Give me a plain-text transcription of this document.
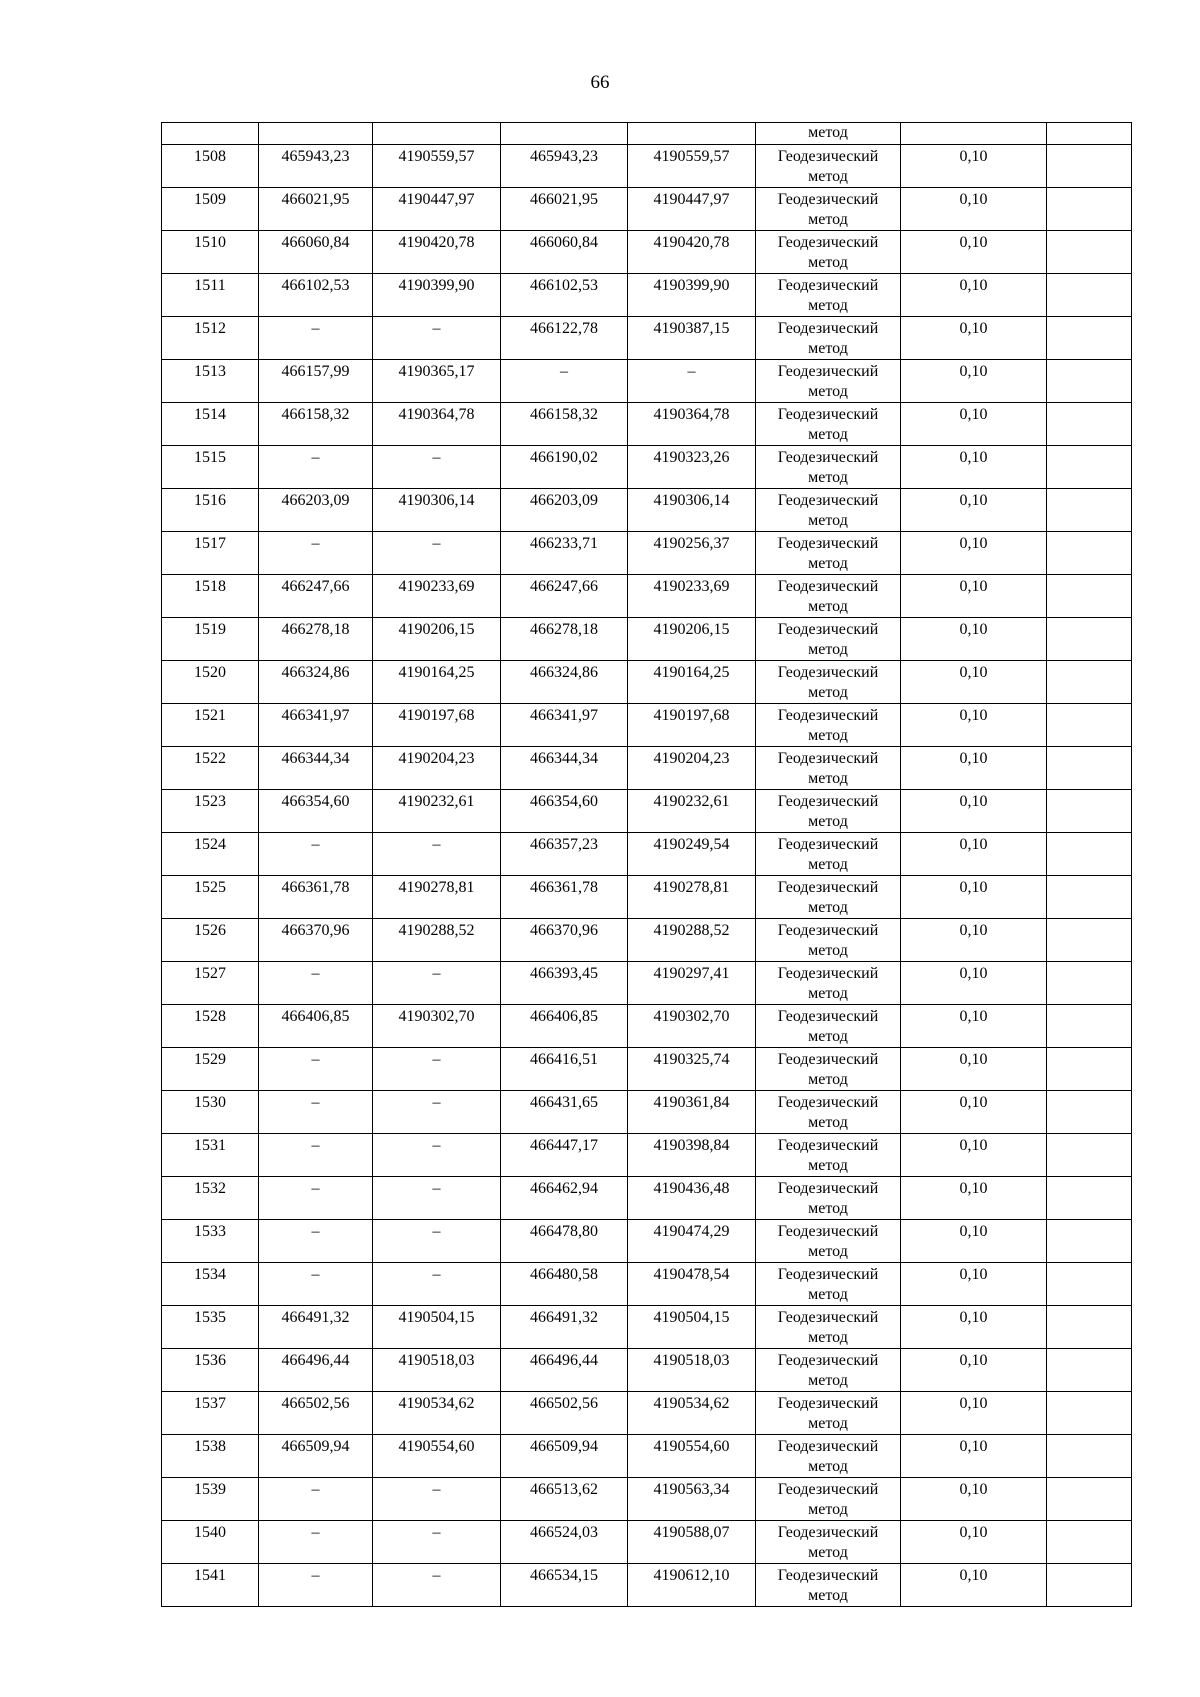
66
					метод		

1508	465943,23	4190559,57	465943,23	4190559,57	Геодезический
метод	0,10	

1509	466021,95	4190447,97	466021,95	4190447,97	Геодезический
метод	0,10	

1510	466060,84	4190420,78	466060,84	4190420,78	Геодезический
метод	0,10	

1511	466102,53	4190399,90	466102,53	4190399,90	Геодезический
метод	0,10	

1512	–	–	466122,78	4190387,15	Геодезический
метод	0,10	

1513	466157,99	4190365,17	–	–	Геодезический
метод	0,10	

1514	466158,32	4190364,78	466158,32	4190364,78	Геодезический
метод	0,10	

1515	–	–	466190,02	4190323,26	Геодезический
метод	0,10	

1516	466203,09	4190306,14	466203,09	4190306,14	Геодезический
метод	0,10	

1517	–	–	466233,71	4190256,37	Геодезический
метод	0,10	

1518	466247,66	4190233,69	466247,66	4190233,69	Геодезический
метод	0,10	

1519	466278,18	4190206,15	466278,18	4190206,15	Геодезический
метод	0,10	

1520	466324,86	4190164,25	466324,86	4190164,25	Геодезический
метод	0,10	

1521	466341,97	4190197,68	466341,97	4190197,68	Геодезический
метод	0,10	

1522	466344,34	4190204,23	466344,34	4190204,23	Геодезический
метод	0,10	

1523	466354,60	4190232,61	466354,60	4190232,61	Геодезический
метод	0,10	

1524	–	–	466357,23	4190249,54	Геодезический
метод	0,10	

1525	466361,78	4190278,81	466361,78	4190278,81	Геодезический
метод	0,10	

1526	466370,96	4190288,52	466370,96	4190288,52	Геодезический
метод	0,10	

1527	–	–	466393,45	4190297,41	Геодезический
метод	0,10	

1528	466406,85	4190302,70	466406,85	4190302,70	Геодезический
метод	0,10	

1529	–	–	466416,51	4190325,74	Геодезический
метод	0,10	

1530	–	–	466431,65	4190361,84	Геодезический
метод	0,10	

1531	–	–	466447,17	4190398,84	Геодезический
метод	0,10	

1532	–	–	466462,94	4190436,48	Геодезический
метод	0,10	

1533	–	–	466478,80	4190474,29	Геодезический
метод	0,10	

1534	–	–	466480,58	4190478,54	Геодезический
метод	0,10	

1535	466491,32	4190504,15	466491,32	4190504,15	Геодезический
метод	0,10	

1536	466496,44	4190518,03	466496,44	4190518,03	Геодезический
метод	0,10	

1537	466502,56	4190534,62	466502,56	4190534,62	Геодезический
метод	0,10	

1538	466509,94	4190554,60	466509,94	4190554,60	Геодезический
метод	0,10	

1539	–	–	466513,62	4190563,34	Геодезический
метод	0,10	

1540	–	–	466524,03	4190588,07	Геодезический
метод	0,10	

1541	–	–	466534,15	4190612,10	Геодезический
метод	0,10	
